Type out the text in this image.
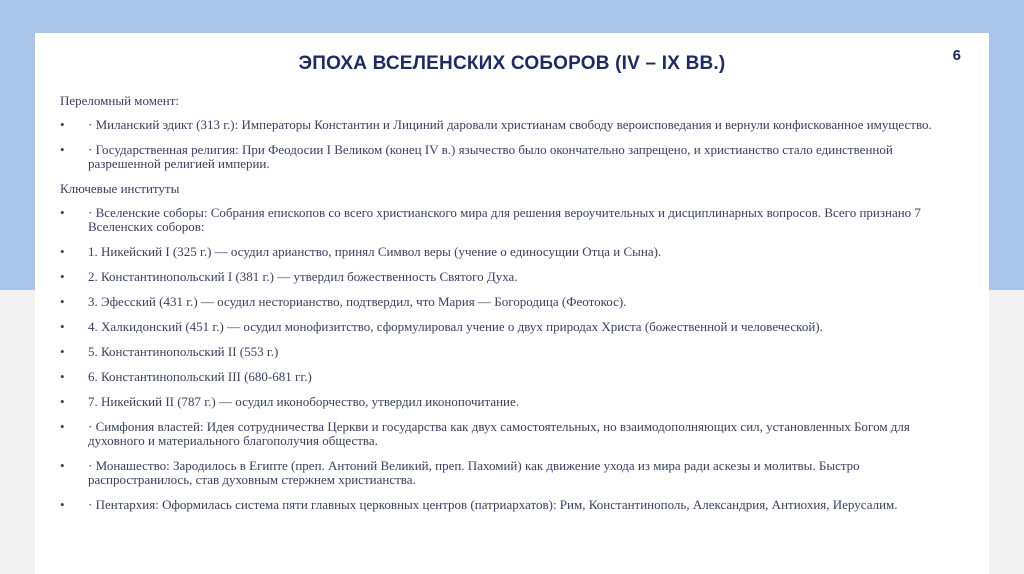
ЭПОХА ВСЕЛЕНСКИХ СОБОРОВ (IV – IX ВВ.)	6
Переломный момент:
• · Миланский эдикт (313 г.): Императоры Константин и Лициний даровали христианам свободу вероисповедания и вернули конфискованное имущество.
• · Государственная религия: При Феодосии I Великом (конец IV в.) язычество было окончательно запрещено, и христианство стало единственной разрешенной религией империи.
Ключевые институты
• · Вселенские соборы: Собрания епископов со всего христианского мира для решения вероучительных и дисциплинарных вопросов. Всего признано 7 Вселенских соборов:
• 1. Никейский I (325 г.) — осудил арианство, принял Символ веры (учение о единосущии Отца и Сына).
• 2. Константинопольский I (381 г.) — утвердил божественность Святого Духа.
• 3. Эфесский (431 г.) — осудил несторианство, подтвердил, что Мария — Богородица (Феотокос).
• 4. Халкидонский (451 г.) — осудил монофизитство, сформулировал учение о двух природах Христа (божественной и человеческой).
• 5. Константинопольский II (553 г.)
• 6. Константинопольский III (680-681 гг.)
• 7. Никейский II (787 г.) — осудил иконоборчество, утвердил иконопочитание.
• · Симфония властей: Идея сотрудничества Церкви и государства как двух самостоятельных, но взаимодополняющих сил, установленных Богом для духовного и материального благополучия общества.
• · Монашество: Зародилось в Египте (преп. Антоний Великий, преп. Пахомий) как движение ухода из мира ради аскезы и молитвы. Быстро распространилось, став духовным стержнем христианства.
• · Пентархия: Оформилась система пяти главных церковных центров (патриархатов): Рим, Константинополь, Александрия, Антиохия, Иерусалим.
